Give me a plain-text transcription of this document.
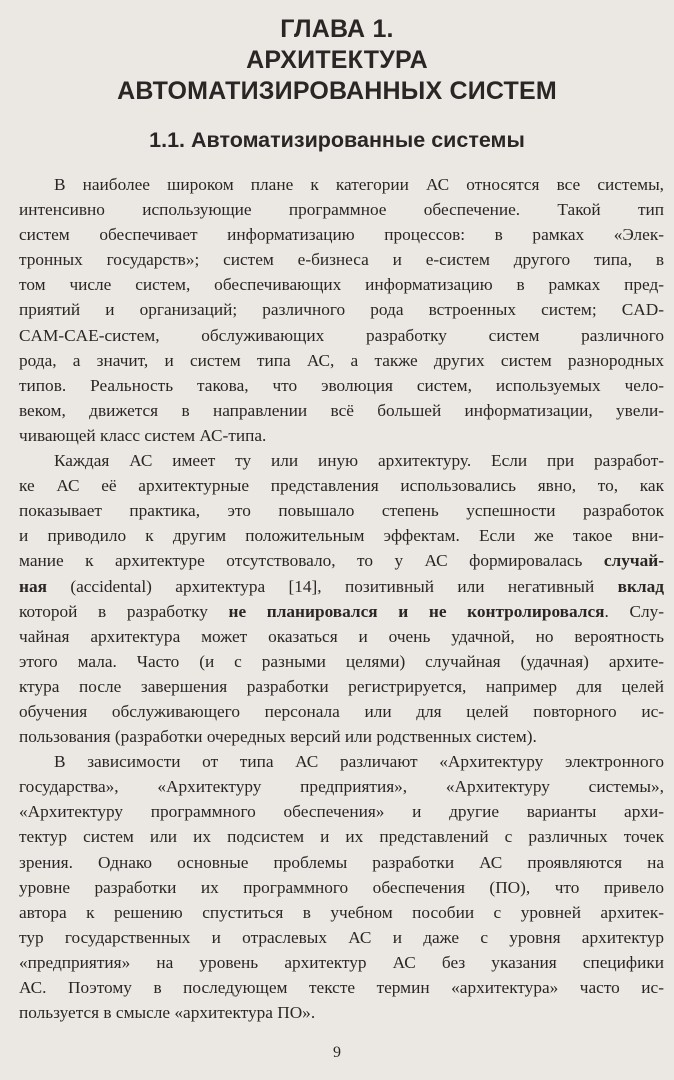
ГЛАВА 1.
АРХИТЕКТУРА
АВТОМАТИЗИРОВАННЫХ СИСТЕМ
1.1. Автоматизированные системы
В наиболее широком плане к категории АС относятся все системы,
интенсивно использующие программное обеспечение. Такой тип
систем обеспечивает информатизацию процессов: в рамках «Элек-
тронных государств»; систем е-бизнеса и е-систем другого типа, в
том числе систем, обеспечивающих информатизацию в рамках пред-
приятий и организаций; различного рода встроенных систем; CAD-
CAM-CAE-систем, обслуживающих разработку систем различного
рода, а значит, и систем типа АС, а также других систем разнородных
типов. Реальность такова, что эволюция систем, используемых чело-
веком, движется в направлении всё большей информатизации, увели-
чивающей класс систем АС-типа.
Каждая АС имеет ту или иную архитектуру. Если при разработ-
ке АС её архитектурные представления использовались явно, то, как
показывает практика, это повышало степень успешности разработок
и приводило к другим положительным эффектам. Если же такое вни-
мание к архитектуре отсутствовало, то у АС формировалась случай-
ная (accidental) архитектура [14], позитивный или негативный вклад
которой в разработку не планировался и не контролировался. Слу-
чайная архитектура может оказаться и очень удачной, но вероятность
этого мала. Часто (и с разными целями) случайная (удачная) архите-
ктура после завершения разработки регистрируется, например для целей
обучения обслуживающего персонала или для целей повторного ис-
пользования (разработки очередных версий или родственных систем).
В зависимости от типа АС различают «Архитектуру электронного
государства», «Архитектуру предприятия», «Архитектуру системы»,
«Архитектуру программного обеспечения» и другие варианты архи-
тектур систем или их подсистем и их представлений с различных точек
зрения. Однако основные проблемы разработки АС проявляются на
уровне разработки их программного обеспечения (ПО), что привело
автора к решению спуститься в учебном пособии с уровней архитек-
тур государственных и отраслевых АС и даже с уровня архитектур
«предприятия» на уровень архитектур АС без указания специфики
АС. Поэтому в последующем тексте термин «архитектура» часто ис-
пользуется в смысле «архитектура ПО».
9
